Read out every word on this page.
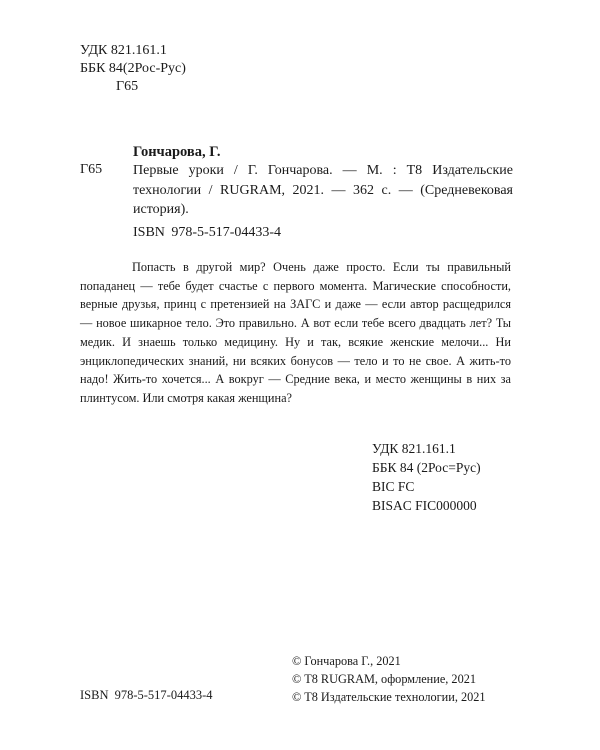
УДК 821.161.1
ББК 84(2Рос-Рус)
Г65
Гончарова, Г.
Г65 Первые уроки / Г. Гончарова. — М. : Т8 Издательские технологии / RUGRAM, 2021. — 362 с. — (Средневековая история).
ISBN 978-5-517-04433-4

Попасть в другой мир? Очень даже просто. Если ты правильный попаданец — тебе будет счастье с первого момента. Магические способности, верные друзья, принц с претензией на ЗАГС и даже — если автор расщедрился — новое шикарное тело. Это правильно. А вот если тебе всего двадцать лет? Ты медик. И знаешь только медицину. Ну и так, всякие женские мелочи... Ни энциклопедических знаний, ни всяких бонусов — тело и то не свое. А жить-то надо! Жить-то хочется... А вокруг — Средние века, и место женщины в них за плинтусом. Или смотря какая женщина?

УДК 821.161.1
ББК 84 (2Рос=Рус)
BIC FC
BISAC FIC000000
© Гончарова Г., 2021
© T8 RUGRAM, оформление, 2021
© T8 Издательские технологии, 2021
ISBN 978-5-517-04433-4
